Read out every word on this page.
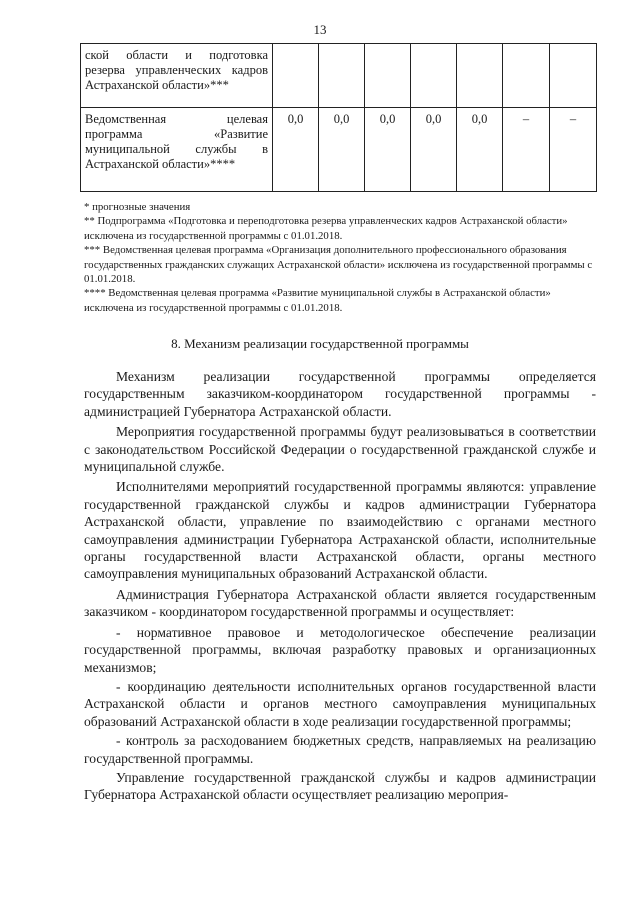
13
ской области и подготовка резерва управленческих кадров Астраханской области»***							
Ведомственная целевая программа «Развитие муниципальной службы в Астраханской области»****	0,0	0,0	0,0	0,0	0,0	–	–

* прогнозные значения

** Подпрограмма «Подготовка и переподготовка резерва управленческих кадров Астраханской области» исключена из государственной программы с 01.01.2018.

*** Ведомственная целевая программа «Организация дополнительного профессионального образования государственных гражданских служащих Астраханской области» исключена из государственной программы с 01.01.2018.

**** Ведомственная целевая программа «Развитие муниципальной службы в Астраханской области» исключена из государственной программы с 01.01.2018.

8. Механизм реализации государственной программы

Механизм реализации государственной программы определяется государственным заказчиком-координатором государственной программы - администрацией Губернатора Астраханской области.

Мероприятия государственной программы будут реализовываться в соответствии с законодательством Российской Федерации о государственной гражданской службе и муниципальной службе.

Исполнителями мероприятий государственной программы являются: управление государственной гражданской службы и кадров администрации Губернатора Астраханской области, управление по взаимодействию с органами местного самоуправления администрации Губернатора Астраханской области, исполнительные органы государственной власти Астраханской области, органы местного самоуправления муниципальных образований Астраханской области.

Администрация Губернатора Астраханской области является государственным заказчиком - координатором государственной программы и осуществляет:

- нормативное правовое и методологическое обеспечение реализации государственной программы, включая разработку правовых и организационных механизмов;

- координацию деятельности исполнительных органов государственной власти Астраханской области и органов местного самоуправления муниципальных образований Астраханской области в ходе реализации государственной программы;

- контроль за расходованием бюджетных средств, направляемых на реализацию государственной программы.

Управление государственной гражданской службы и кадров администрации Губернатора Астраханской области осуществляет реализацию мероприя-
